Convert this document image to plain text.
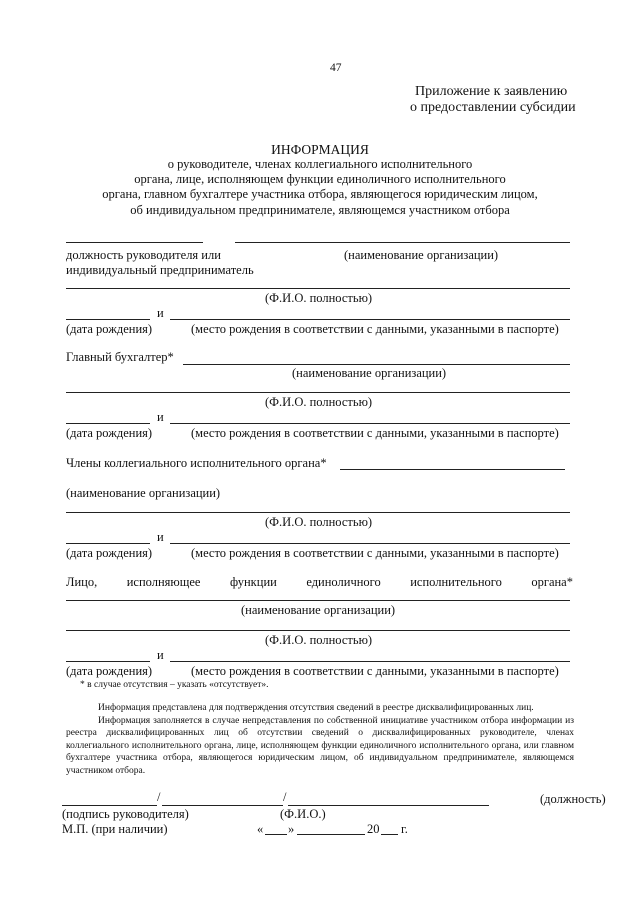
47
Приложение к заявлению
о предоставлении субсидии
ИНФОРМАЦИЯ
о руководителе, членах коллегиального исполнительного
органа, лице, исполняющем функции единоличного исполнительного
органа, главном бухгалтере участника отбора, являющегося юридическим лицом,
об индивидуальном предпринимателе, являющемся участником отбора
должность руководителя или	(наименование организации)
индивидуальный предприниматель
(Ф.И.О. полностью)
и
(дата рождения)	(место рождения в соответствии с данными, указанными в паспорте)
Главный бухгалтер*
(наименование организации)
(Ф.И.О. полностью)
и
(дата рождения)	(место рождения в соответствии с данными, указанными в паспорте)
Члены коллегиального исполнительного органа*
(наименование организации)
(Ф.И.О. полностью)
и
(дата рождения)	(место рождения в соответствии с данными, указанными в паспорте)
Лицо, исполняющее функции единоличного исполнительного органа*
(наименование организации)
(Ф.И.О. полностью)
и
(дата рождения)	(место рождения в соответствии с данными, указанными в паспорте)
* в случае отсутствия – указать «отсутствует».

Информация представлена для подтверждения отсутствия сведений в реестре дисквалифицированных лиц.

Информация заполняется в случае непредставления по собственной инициативе участником отбора информации из реестра дисквалифицированных лиц об отсутствии сведений о дисквалифицированных руководителе, членах коллегиального исполнительного органа, лице, исполняющем функции единоличного исполнительного органа, или главном бухгалтере участника отбора, являющегося юридическим лицом, об индивидуальном предпринимателе, являющемся участником отбора.

/	/	(должность)
(подпись руководителя)	(Ф.И.О.)
М.П. (при наличии)	« »	20 г.
